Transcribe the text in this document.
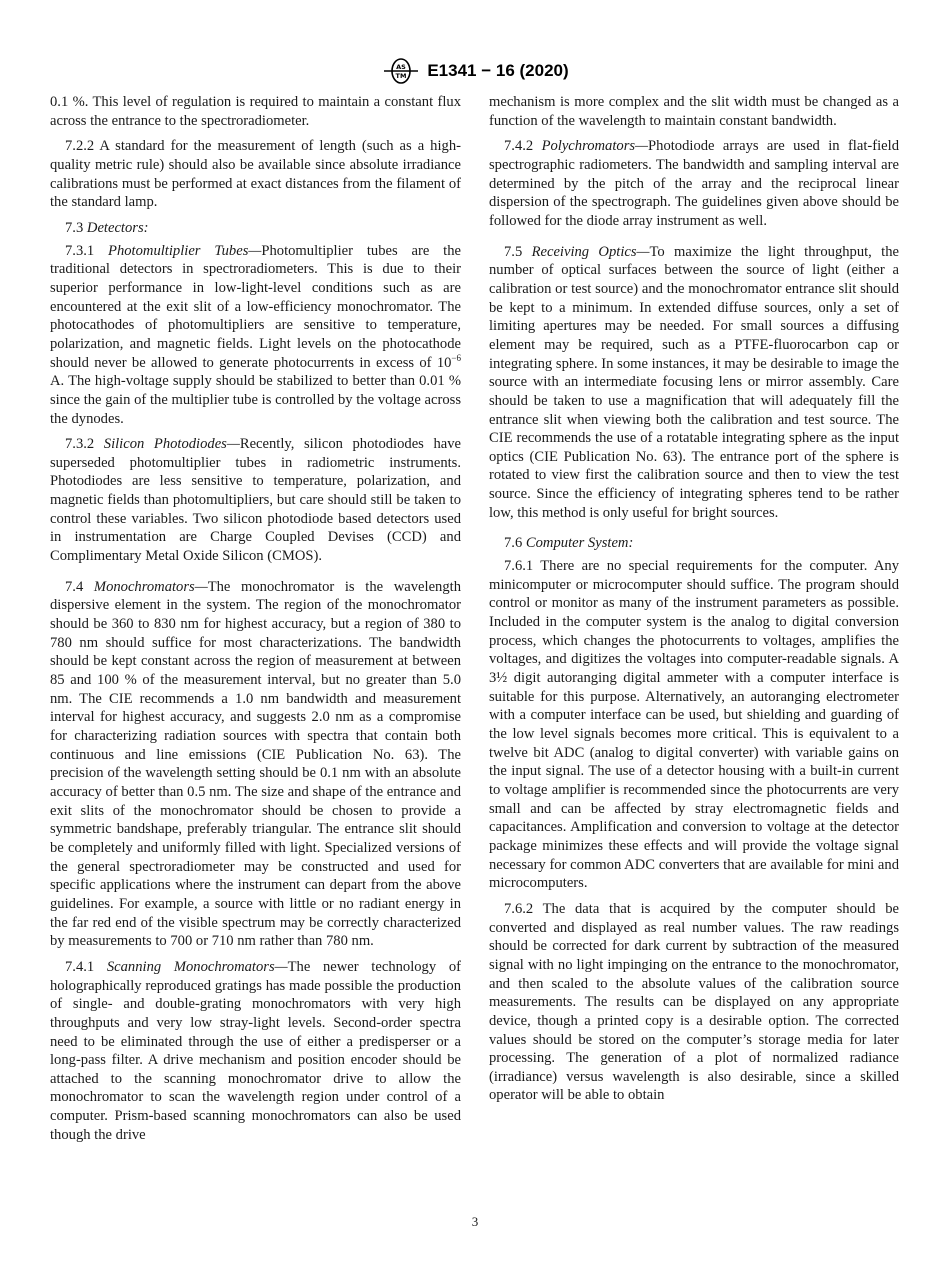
AS
TM E1341 − 16 (2020)

0.1 %. This level of regulation is required to maintain a constant flux across the entrance to the spectroradiometer.

7.2.2 A standard for the measurement of length (such as a high-quality metric rule) should also be available since absolute irradiance calibrations must be performed at exact distances from the filament of the standard lamp.

7.3 Detectors:

7.3.1 Photomultiplier Tubes—Photomultiplier tubes are the traditional detectors in spectroradiometers. This is due to their superior performance in low-light-level conditions such as are encountered at the exit slit of a low-efficiency monochromator. The photocathodes of photomultipliers are sensitive to temperature, polarization, and magnetic fields. Light levels on the photocathode should never be allowed to generate photocurrents in excess of $10^{-6}$ A. The high-voltage supply should be stabilized to better than 0.01 % since the gain of the multiplier tube is controlled by the voltage across the dynodes.

7.3.2 Silicon Photodiodes—Recently, silicon photodiodes have superseded photomultiplier tubes in radiometric instruments. Photodiodes are less sensitive to temperature, polarization, and magnetic fields than photomultipliers, but care should still be taken to control these variables. Two silicon photodiode based detectors used in instrumentation are Charge Coupled Devises (CCD) and Complimentary Metal Oxide Silicon (CMOS).

7.4 Monochromators—The monochromator is the wavelength dispersive element in the system. The region of the monochromator should be 360 to 830 nm for highest accuracy, but a region of 380 to 780 nm should suffice for most characterizations. The bandwidth should be kept constant across the region of measurement at between 85 and 100 % of the measurement interval, but no greater than 5.0 nm. The CIE recommends a 1.0 nm bandwidth and measurement interval for highest accuracy, and suggests 2.0 nm as a compromise for characterizing radiation sources with spectra that contain both continuous and line emissions (CIE Publication No. 63). The precision of the wavelength setting should be 0.1 nm with an absolute accuracy of better than 0.5 nm. The size and shape of the entrance and exit slits of the monochromator should be chosen to provide a symmetric bandshape, preferably triangular. The entrance slit should be completely and uniformly filled with light. Specialized versions of the general spectroradiometer may be constructed and used for specific applications where the instrument can depart from the above guidelines. For example, a source with little or no radiant energy in the far red end of the visible spectrum may be correctly characterized by measurements to 700 or 710 nm rather than 780 nm.

7.4.1 Scanning Monochromators—The newer technology of holographically reproduced gratings has made possible the production of single- and double-grating monochromators with very high throughputs and very low stray-light levels. Second-order spectra need to be eliminated through the use of either a predisperser or a long-pass filter. A drive mechanism and position encoder should be attached to the scanning monochromator drive to allow the monochromator to scan the wavelength region under control of a computer. Prism-based scanning monochromators can also be used though the drive

mechanism is more complex and the slit width must be changed as a function of the wavelength to maintain constant bandwidth.

7.4.2 Polychromators—Photodiode arrays are used in flat-field spectrographic radiometers. The bandwidth and sampling interval are determined by the pitch of the array and the reciprocal linear dispersion of the spectrograph. The guidelines given above should be followed for the diode array instrument as well.

7.5 Receiving Optics—To maximize the light throughput, the number of optical surfaces between the source of light (either a calibration or test source) and the monochromator entrance slit should be kept to a minimum. In extended diffuse sources, only a set of limiting apertures may be needed. For small sources a diffusing element may be required, such as a PTFE-fluorocarbon cap or integrating sphere. In some instances, it may be desirable to image the source with an intermediate focusing lens or mirror assembly. Care should be taken to use a magnification that will adequately fill the entrance slit when viewing both the calibration and test source. The CIE recommends the use of a rotatable integrating sphere as the input optics (CIE Publication No. 63). The entrance port of the sphere is rotated to view first the calibration source and then to view the test source. Since the efficiency of integrating spheres tend to be rather low, this method is only useful for bright sources.

7.6 Computer System:

7.6.1 There are no special requirements for the computer. Any minicomputer or microcomputer should suffice. The program should control or monitor as many of the instrument parameters as possible. Included in the computer system is the analog to digital conversion process, which changes the photocurrents to voltages, amplifies the voltages, and digitizes the voltages into computer-readable signals. A 3½ digit autoranging digital ammeter with a computer interface is suitable for this purpose. Alternatively, an autoranging electrometer with a computer interface can be used, but shielding and guarding of the low level signals becomes more critical. This is equivalent to a twelve bit ADC (analog to digital converter) with variable gains on the input signal. The use of a detector housing with a built-in current to voltage amplifier is recommended since the photocurrents are very small and can be affected by stray electromagnetic fields and capacitances. Amplification and conversion to voltage at the detector package minimizes these effects and will provide the voltage signal necessary for common ADC converters that are available for mini and microcomputers.

7.6.2 The data that is acquired by the computer should be converted and displayed as real number values. The raw readings should be corrected for dark current by subtraction of the measured signal with no light impinging on the entrance to the monochromator, and then scaled to the absolute values of the calibration source measurements. The results can be displayed on any appropriate device, though a printed copy is a desirable option. The corrected values should be stored on the computer’s storage media for later processing. The generation of a plot of normalized radiance (irradiance) versus wavelength is also desirable, since a skilled operator will be able to obtain

3
